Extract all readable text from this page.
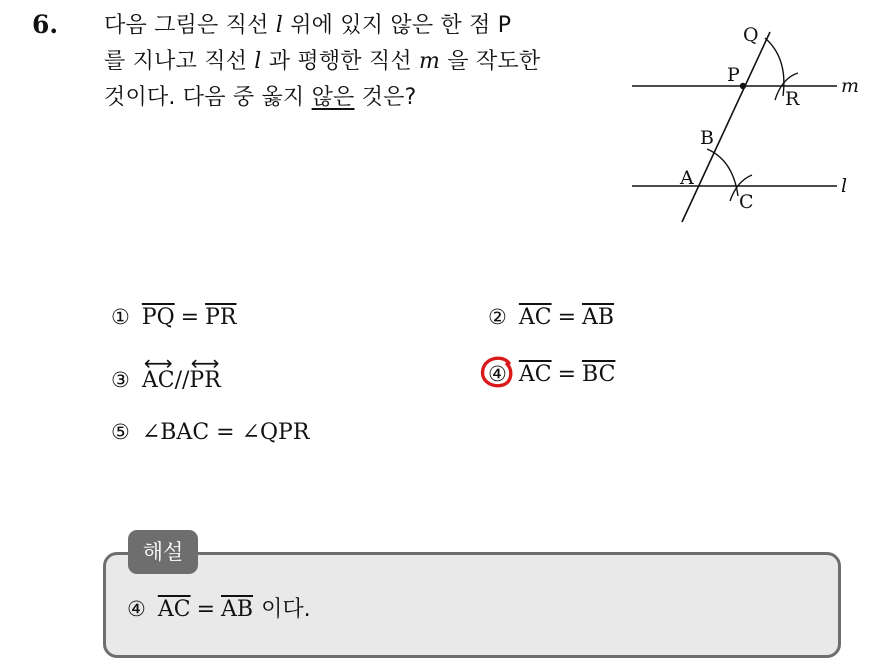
6. 다음 그림은 직선 l 위에 있지 않은 한 점 P
를 지나고 직선 l 과 평행한 직선 m 을 작도한
것이다. 다음 중 옳지 않은 것은?
Q
P
R
B
A
C
m
l
① $\overline{PQ} = \overline{PR}$	② $\overline{AC} = \overline{AB}$
③ ⟷ AC//⟷ PR	④ $\overline{AC} = \overline{BC}$
⑤ ∠BAC = ∠QPR
해설
④ $\overline{AC} = \overline{AB}$ 이다.
